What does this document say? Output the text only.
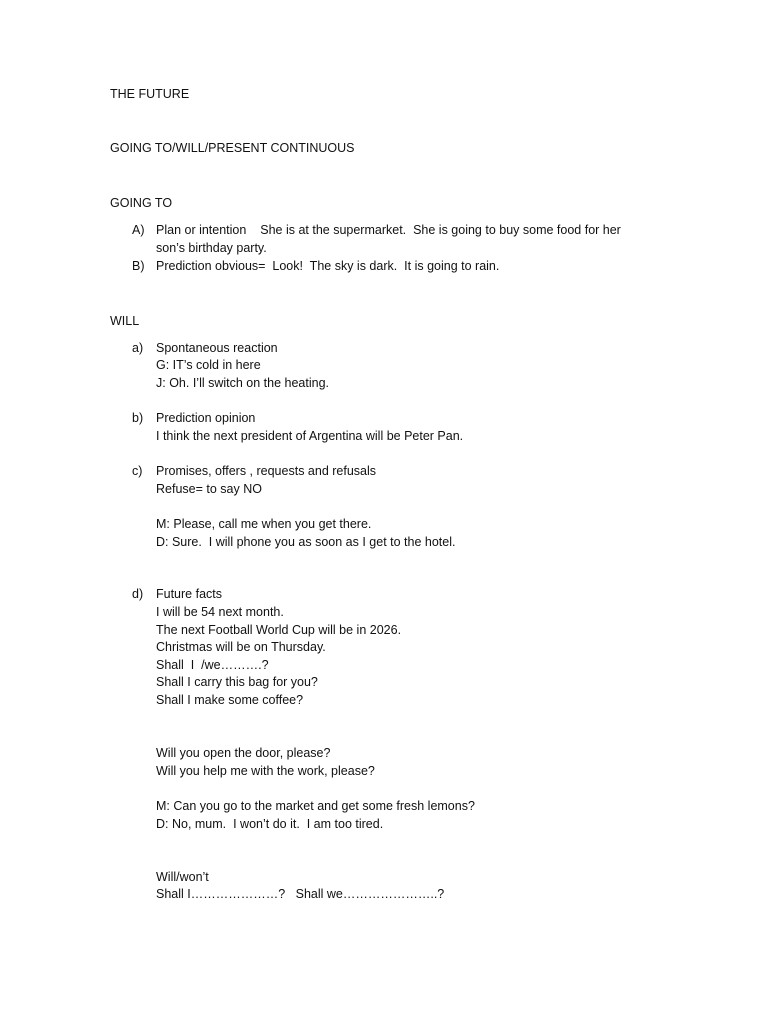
THE FUTURE

GOING TO/WILL/PRESENT CONTINUOUS

GOING TO

A) Plan or intention    She is at the supermarket.  She is going to buy some food for her

son’s birthday party.

B) Prediction obvious=  Look!  The sky is dark.  It is going to rain.

WILL

a) Spontaneous reaction

G: IT’s cold in here

J: Oh. I’ll switch on the heating.

b) Prediction opinion

I think the next president of Argentina will be Peter Pan.

c) Promises, offers , requests and refusals

Refuse= to say NO

M: Please, call me when you get there.

D: Sure.  I will phone you as soon as I get to the hotel.

d) Future facts

I will be 54 next month.

The next Football World Cup will be in 2026.

Christmas will be on Thursday.

Shall  I  /we……….?

Shall I carry this bag for you?

Shall I make some coffee?

Will you open the door, please?

Will you help me with the work, please?

M: Can you go to the market and get some fresh lemons?

D: No, mum.  I won’t do it.  I am too tired.

Will/won’t

Shall I…………………?   Shall we…………………..?
